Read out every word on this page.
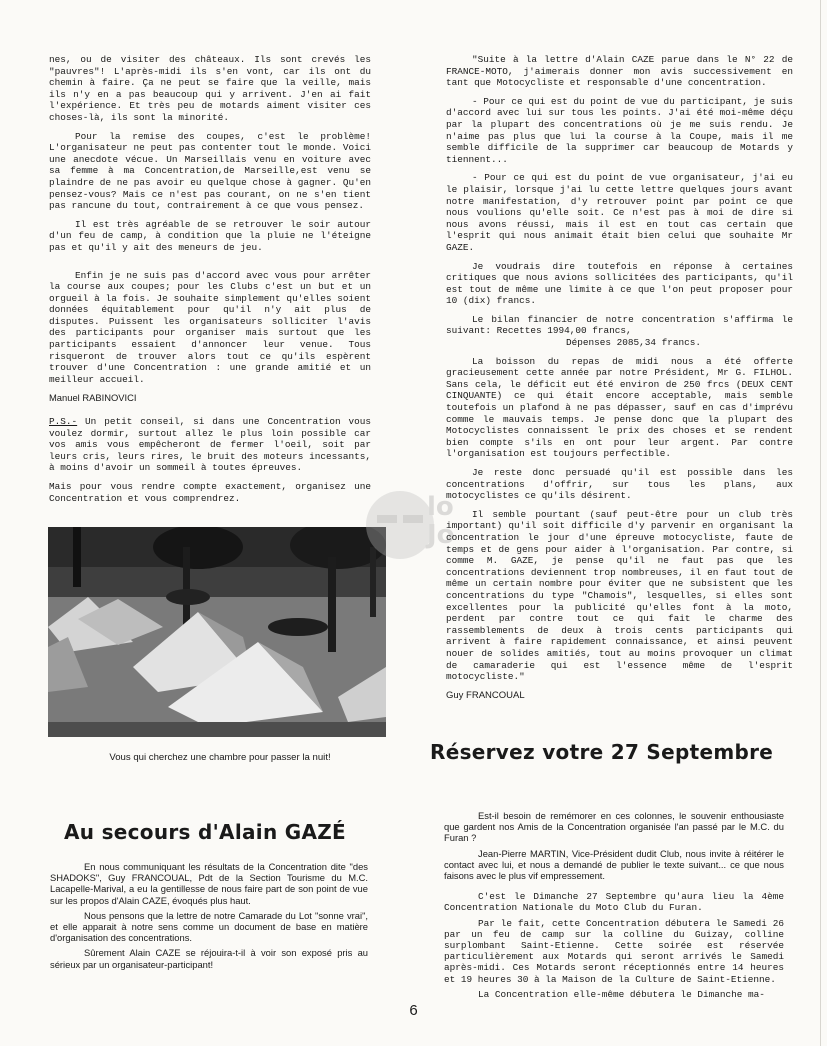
nes, ou de visiter des châteaux. Ils sont crevés les "pauvres"! L'après-midi ils s'en vont, car ils ont du chemin à faire. Ça ne peut se faire que la veille, mais ils n'y en a pas beaucoup qui y arrivent. J'en ai fait l'expérience. Et très peu de motards aiment visiter ces choses-là, ils sont la minorité.

Pour la remise des coupes, c'est le problème! L'organisateur ne peut pas contenter tout le monde. Voici une anecdote vécue. Un Marseillais venu en voiture avec sa femme à ma Concentration,de Marseille,est venu se plaindre de ne pas avoir eu quelque chose à gagner. Qu'en pensez-vous? Mais ce n'est pas courant, on ne s'en tient pas rancune du tout, contrairement à ce que vous pensez.

Il est très agréable de se retrouver le soir autour d'un feu de camp, à condition que la pluie ne l'éteigne pas et qu'il y ait des meneurs de jeu.

Enfin je ne suis pas d'accord avec vous pour arrêter la course aux coupes; pour les Clubs c'est un but et un orgueil à la fois. Je souhaite simplement qu'elles soient données équitablement pour qu'il n'y ait plus de disputes. Puissent les organisateurs solliciter l'avis des participants pour organiser mais surtout que les participants essaient d'annoncer leur venue. Tous risqueront de trouver alors tout ce qu'ils espèrent trouver d'une Concentration : une grande amitié et un meilleur accueil.

Manuel RABINOVICI

P.S.- Un petit conseil, si dans une Concentration vous voulez dormir, surtout allez le plus loin possible car vos amis vous empêcheront de fermer l'oeil, soit par leurs cris, leurs rires, le bruit des moteurs incessants, à moins d'avoir un sommeil à toutes épreuves.

Mais pour vous rendre compte exactement, organisez une Concentration et vous comprendrez.	lo
Jo
Vous qui cherchez une chambre pour passer la nuit!
Au secours d'Alain GAZÉ

En nous communiquant les résultats de la Concentration dite "des SHADOKS", Guy FRANCOUAL, Pdt de la Section Tourisme du M.C. Lacapelle-Marival, a eu la gentillesse de nous faire part de son point de vue sur les propos d'Alain CAZE, évoqués plus haut.

Nous pensons que la lettre de notre Camarade du Lot "sonne vrai", et elle apparait à notre sens comme un document de base en matière d'organisation des concentrations.

Sûrement Alain CAZE se réjouira-t-il à voir son exposé pris au sérieux par un organisateur-participant!

"Suite à la lettre d'Alain CAZE parue dans le N° 22 de FRANCE-MOTO, j'aimerais donner mon avis successivement en tant que Motocycliste et responsable d'une concentration.

- Pour ce qui est du point de vue du participant, je suis d'accord avec lui sur tous les points. J'ai été moi-même déçu par la plupart des concentrations où je me suis rendu. Je n'aime pas plus que lui la course à la Coupe, mais il me semble difficile de la supprimer car beaucoup de Motards y tiennent...

- Pour ce qui est du point de vue organisateur, j'ai eu le plaisir, lorsque j'ai lu cette lettre quelques jours avant notre manifestation, d'y retrouver point par point ce que nous voulions qu'elle soit. Ce n'est pas à moi de dire si nous avons réussi, mais il est en tout cas certain que l'esprit qui nous animait était bien celui que souhaite Mr GAZE.

Je voudrais dire toutefois en réponse à certaines critiques que nous avions sollicitées des participants, qu'il est tout de même une limite à ce que l'on peut proposer pour 10 (dix) francs.

Le bilan financier de notre concentration s'affirma le suivant: Recettes 1994,00 francs,

Dépenses 2085,34 francs.

La boisson du repas de midi nous a été offerte gracieusement cette année par notre Président, Mr G. FILHOL. Sans cela, le déficit eut été environ de 250 frcs (DEUX CENT CINQUANTE) ce qui était encore acceptable, mais semble toutefois un plafond à ne pas dépasser, sauf en cas d'imprévu comme le mauvais temps. Je pense donc que la plupart des Motocyclistes connaissent le prix des choses et se rendent bien compte s'ils en ont pour leur argent. Par contre l'organisation est toujours perfectible.

Je reste donc persuadé qu'il est possible dans les concentrations d'offrir, sur tous les plans, aux motocyclistes ce qu'ils désirent.

Il semble pourtant (sauf peut-être pour un club très important) qu'il soit difficile d'y parvenir en organisant la concentration le jour d'une épreuve motocycliste, faute de temps et de gens pour aider à l'organisation. Par contre, si comme M. GAZE, je pense qu'il ne faut pas que les concentrations deviennent trop nombreuses, il en faut tout de même un certain nombre pour éviter que ne subsistent que les concentrations du type "Chamois", lesquelles, si elles sont excellentes pour la publicité qu'elles font à la moto, perdent par contre tout ce qui fait le charme des rassemblements de deux à trois cents participants qui arrivent à faire rapidement connaissance, et ainsi peuvent nouer de solides amitiés, tout au moins provoquer un climat de camaraderie qui est l'essence même de l'esprit motocycliste."

Guy FRANCOUAL

Réservez votre 27 Septembre

Est-il besoin de remémorer en ces colonnes, le souvenir enthousiaste que gardent nos Amis de la Concentration organisée l'an passé par le M.C. du Furan ?

Jean-Pierre MARTIN, Vice-Président dudit Club, nous invite à réitérer le contact avec lui, et nous a demandé de publier le texte suivant... ce que nous faisons avec le plus vif empressement.

C'est le Dimanche 27 Septembre qu'aura lieu la 4ème Concentration Nationale du Moto Club du Furan.

Par le fait, cette Concentration débutera le Samedi 26 par un feu de camp sur la colline du Guizay, colline surplombant Saint-Etienne. Cette soirée est réservée particulièrement aux Motards qui seront arrivés le Samedi après-midi. Ces Motards seront réceptionnés entre 14 heures et 19 heures 30 à la Maison de la Culture de Saint-Etienne.

La Concentration elle-même débutera le Dimanche ma-

6
